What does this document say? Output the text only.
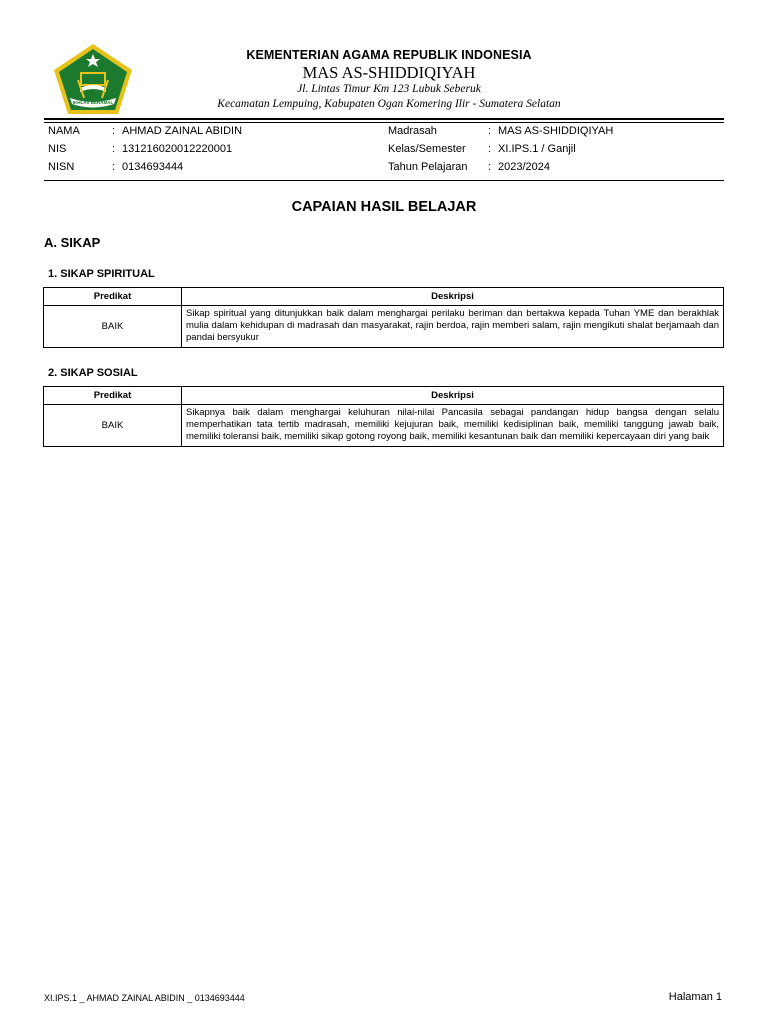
IKHLAS BERAMAL
KEMENTERIAN AGAMA REPUBLIK INDONESIA
MAS AS-SHIDDIQIYAH
Jl. Lintas Timur Km 123 Lubuk Seberuk
Kecamatan Lempuing, Kabupaten Ogan Komering Ilir - Sumatera Selatan
NAMA	: AHMAD ZAINAL ABIDIN
NIS	: 131216020012220001
NISN	: 0134693444
Madrasah	: MAS AS-SHIDDIQIYAH
Kelas/Semester	: XI.IPS.1 / Ganjil
Tahun Pelajaran	: 2023/2024
CAPAIAN HASIL BELAJAR
A. SIKAP
1. SIKAP SPIRITUAL
Predikat	Deskripsi
BAIK	Sikap spiritual yang ditunjukkan baik dalam menghargai perilaku beriman dan bertakwa kepada Tuhan YME dan berakhlak mulia dalam kehidupan di madrasah dan masyarakat, rajin berdoa, rajin memberi salam, rajin mengikuti shalat berjamaah dan pandai bersyukur
2. SIKAP SOSIAL
Predikat	Deskripsi
BAIK	Sikapnya baik dalam menghargai keluhuran nilai-nilai Pancasila sebagai pandangan hidup bangsa dengan selalu memperhatikan tata tertib madrasah, memiliki kejujuran baik, memiliki kedisiplinan baik, memiliki tanggung jawab baik, memiliki toleransi baik, memiliki sikap gotong royong baik, memiliki kesantunan baik dan memiliki kepercayaan diri yang baik
XI.IPS.1 _ AHMAD ZAINAL ABIDIN _ 0134693444	Halaman 1
